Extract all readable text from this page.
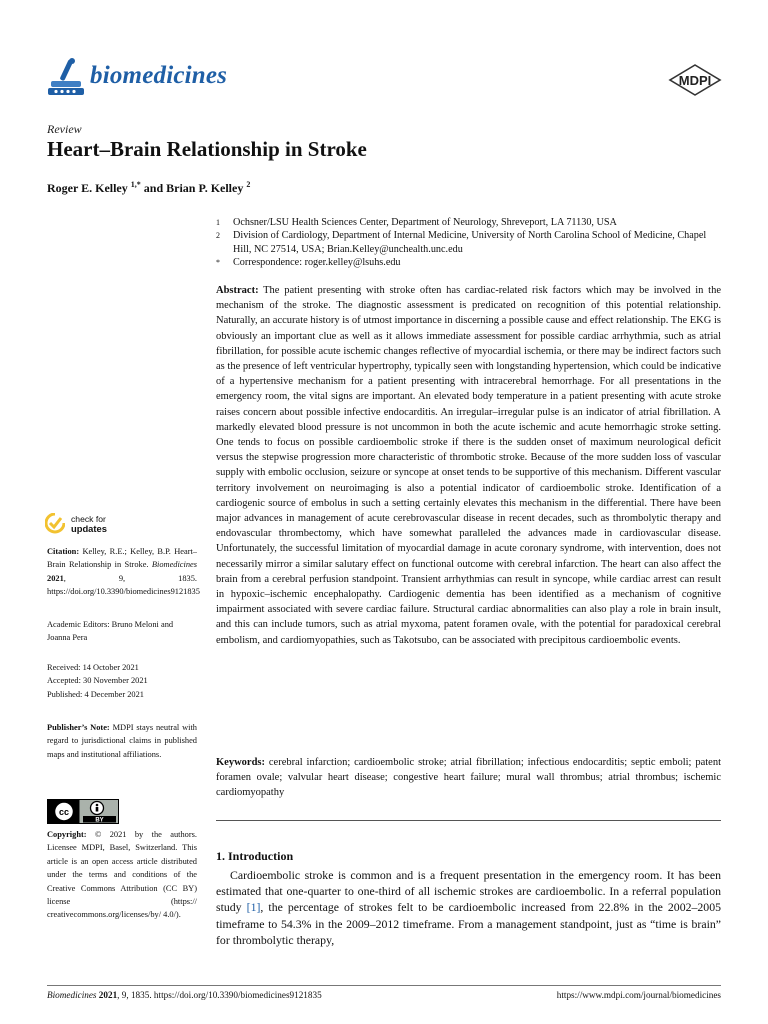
biomedicines	MDPI
Review
Heart–Brain Relationship in Stroke
Roger E. Kelley $^{1,*}$ and Brian P. Kelley $^2$

1	Ochsner/LSU Health Sciences Center, Department of Neurology, Shreveport, LA 71130, USA

2	Division of Cardiology, Department of Internal Medicine, University of North Carolina School of Medicine, Chapel Hill, NC 27514, USA; Brian.Kelley@unchealth.unc.edu

*	Correspondence: roger.kelley@lsuhs.edu

Abstract: The patient presenting with stroke often has cardiac-related risk factors which may be involved in the mechanism of the stroke. The diagnostic assessment is predicated on recognition of this potential relationship. Naturally, an accurate history is of utmost importance in discerning a possible cause and effect relationship. The EKG is obviously an important clue as well as it allows immediate assessment for possible cardiac arrhythmia, such as atrial fibrillation, for possible acute ischemic changes reflective of myocardial ischemia, or there may be indirect factors such as the presence of left ventricular hypertrophy, typically seen with longstanding hypertension, which could be indicative of a hypertensive mechanism for a patient presenting with intracerebral hemorrhage. For all presentations in the emergency room, the vital signs are important. An elevated body temperature in a patient presenting with acute stroke raises concern about possible infective endocarditis. An irregular–irregular pulse is an indicator of atrial fibrillation. A markedly elevated blood pressure is not uncommon in both the acute ischemic and acute hemorrhagic stroke setting. One tends to focus on possible cardioembolic stroke if there is the sudden onset of maximum neurological deficit versus the stepwise progression more characteristic of thrombotic stroke. Because of the more sudden loss of vascular supply with embolic occlusion, seizure or syncope at onset tends to be supportive of this mechanism. Different vascular territory involvement on neuroimaging is also a potential indicator of cardioembolic stroke. Identification of a cardiogenic source of embolus in such a setting certainly elevates this mechanism in the differential. There have been major advances in management of acute cerebrovascular disease in recent decades, such as thrombolytic therapy and endovascular thrombectomy, which have somewhat paralleled the advances made in cardiovascular disease. Unfortunately, the successful limitation of myocardial damage in acute coronary syndrome, with intervention, does not necessarily mirror a similar salutary effect on functional outcome with cerebral infarction. The heart can also affect the brain from a cerebral perfusion standpoint. Transient arrhythmias can result in syncope, while cardiac arrest can result in hypoxic–ischemic encephalopathy. Cardiogenic dementia has been identified as a mechanism of cognitive impairment associated with severe cardiac failure. Structural cardiac abnormalities can also play a role in brain insult, and this can include tumors, such as atrial myxoma, patent foramen ovale, with the potential for paradoxical cerebral embolism, and cardiomyopathies, such as Takotsubo, can be associated with precipitous cardioembolic events.

Keywords: cerebral infarction; cardioembolic stroke; atrial fibrillation; infectious endocarditis; septic emboli; patent foramen ovale; valvular heart disease; congestive heart failure; mural wall thrombus; atrial thrombus; ischemic cardiomyopathy

1. Introduction

Cardioembolic stroke is common and is a frequent presentation in the emergency room. It has been estimated that one-quarter to one-third of all ischemic strokes are cardioembolic. In a referral population study [1], the percentage of strokes felt to be cardioembolic increased from 22.8% in the 2002–2005 timeframe to 54.3% in the 2009–2012 timeframe. From a management standpoint, just as “time is brain” for thrombolytic therapy,

check for
updates

Citation: Kelley, R.E.; Kelley, B.P. Heart–Brain Relationship in Stroke. Biomedicines 2021, 9, 1835. https://doi.org/10.3390/biomedicines9121835

Academic Editors: Bruno Meloni and Joanna Pera

Received: 14 October 2021
Accepted: 30 November 2021
Published: 4 December 2021

Publisher’s Note: MDPI stays neutral with regard to jurisdictional claims in published maps and institutional affiliations.

cc
BY

Copyright: © 2021 by the authors. Licensee MDPI, Basel, Switzerland. This article is an open access article distributed under the terms and conditions of the Creative Commons Attribution (CC BY) license (https:// creativecommons.org/licenses/by/ 4.0/).

Biomedicines 2021, 9, 1835. https://doi.org/10.3390/biomedicines9121835	https://www.mdpi.com/journal/biomedicines
